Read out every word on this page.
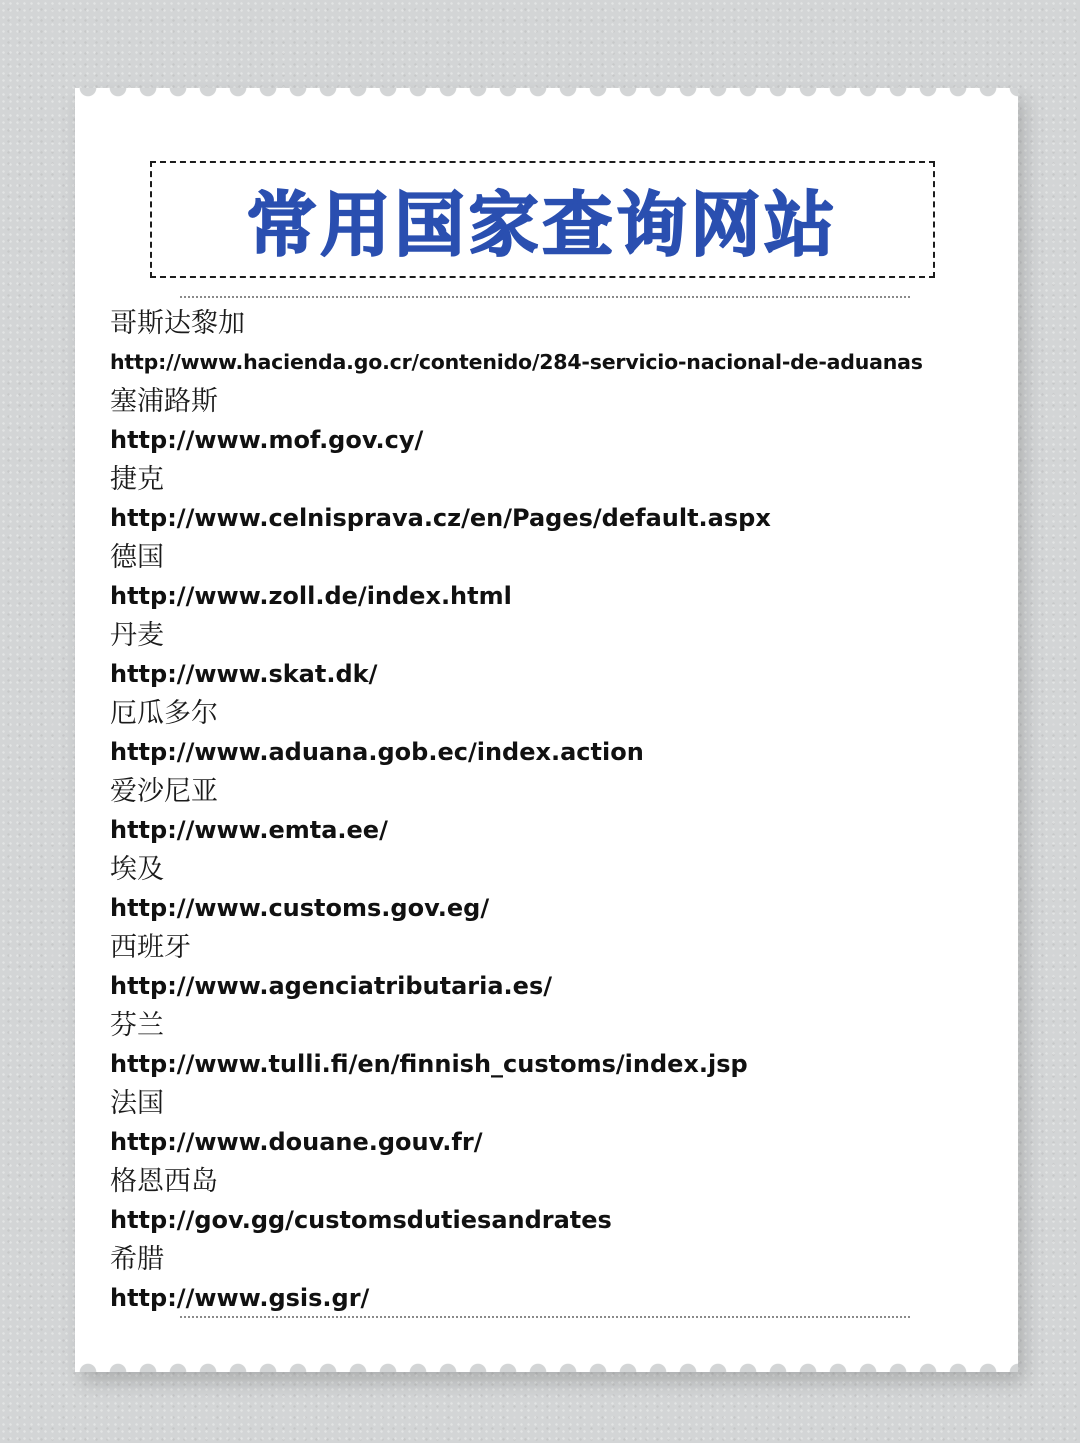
常用国家查询网站
哥斯达黎加
http://www.hacienda.go.cr/contenido/284-servicio-nacional-de-aduanas
塞浦路斯
http://www.mof.gov.cy/
捷克
http://www.celnisprava.cz/en/Pages/default.aspx
德国
http://www.zoll.de/index.html
丹麦
http://www.skat.dk/
厄瓜多尔
http://www.aduana.gob.ec/index.action
爱沙尼亚
http://www.emta.ee/
埃及
http://www.customs.gov.eg/
西班牙
http://www.agenciatributaria.es/
芬兰
http://www.tulli.fi/en/finnish_customs/index.jsp
法国
http://www.douane.gouv.fr/
格恩西岛
http://gov.gg/customsdutiesandrates
希腊
http://www.gsis.gr/
